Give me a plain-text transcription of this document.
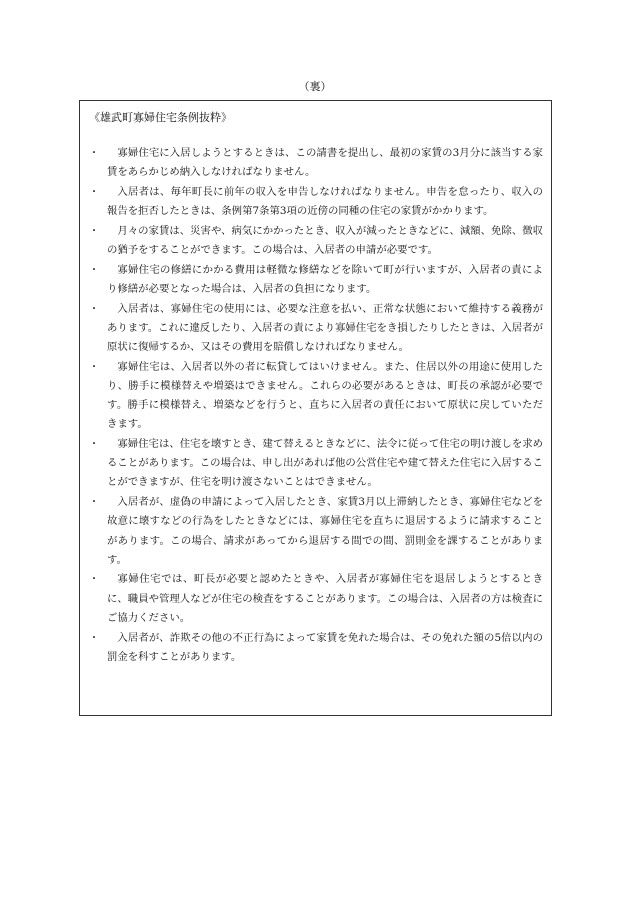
（裏）
《雄武町寡婦住宅条例抜粋》
・	寡婦住宅に入居しようとするときは、この請書を提出し、最初の家賃の3月分に該当する家賃をあらかじめ納入しなければなりません。
・	入居者は、毎年町長に前年の収入を申告しなければなりません。申告を怠ったり、収入の報告を拒否したときは、条例第7条第3項の近傍の同種の住宅の家賃がかかります。
・	月々の家賃は、災害や、病気にかかったとき、収入が減ったときなどに、減額、免除、徴収の猶予をすることができます。この場合は、入居者の申請が必要です。
・	寡婦住宅の修繕にかかる費用は軽微な修繕などを除いて町が行いますが、入居者の責により修繕が必要となった場合は、入居者の負担になります。
・	入居者は、寡婦住宅の使用には、必要な注意を払い、正常な状態において維持する義務があります。これに違反したり、入居者の責により寡婦住宅をき損したりしたときは、入居者が原状に復帰するか、又はその費用を賠償しなければなりません。
・	寡婦住宅は、入居者以外の者に転貸してはいけません。また、住居以外の用途に使用したり、勝手に模様替えや増築はできません。これらの必要があるときは、町長の承認が必要です。勝手に模様替え、増築などを行うと、直ちに入居者の責任において原状に戻していただきます。
・	寡婦住宅は、住宅を壊すとき、建て替えるときなどに、法令に従って住宅の明け渡しを求めることがあります。この場合は、申し出があれば他の公営住宅や建て替えた住宅に入居することができますが、住宅を明け渡さないことはできません。
・	入居者が、虚偽の申請によって入居したとき、家賃3月以上滞納したとき、寡婦住宅などを故意に壊すなどの行為をしたときなどには、寡婦住宅を直ちに退居するように請求することがあります。この場合、請求があってから退居する間での間、罰則金を課することがあります。
・	寡婦住宅では、町長が必要と認めたときや、入居者が寡婦住宅を退居しようとするときに、職員や管理人などが住宅の検査をすることがあります。この場合は、入居者の方は検査にご協力ください。
・	入居者が、詐欺その他の不正行為によって家賃を免れた場合は、その免れた額の5倍以内の罰金を科すことがあります。
